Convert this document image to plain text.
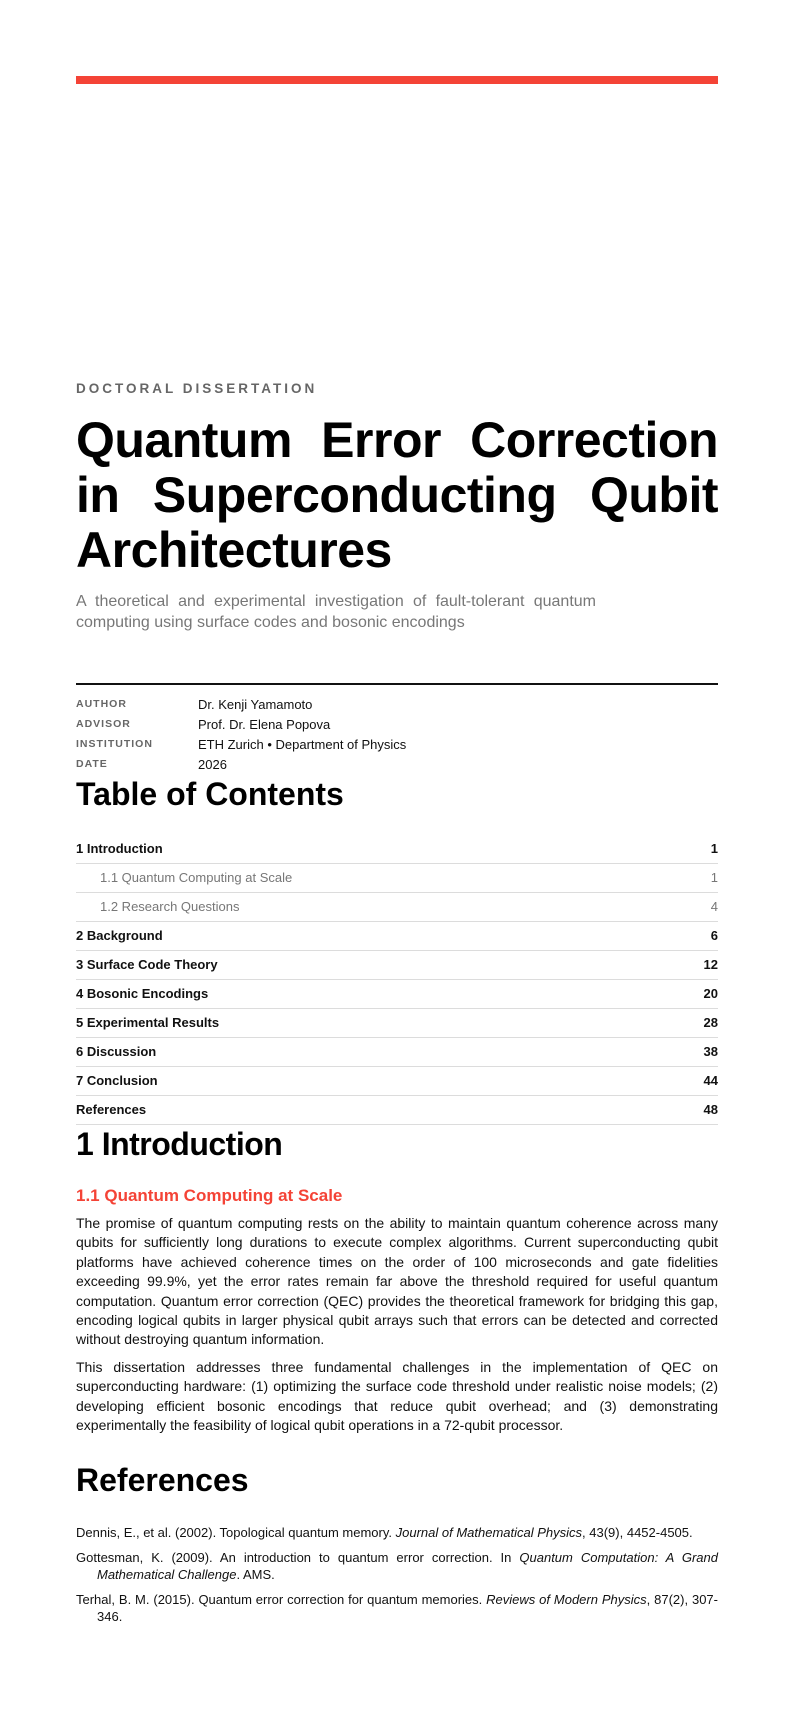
DOCTORAL DISSERTATION
Quantum Error Correction in Superconducting Qubit Architectures

A theoretical and experimental investigation of fault-tolerant quantum computing using surface codes and bosonic encodings

AUTHOR	Dr. Kenji Yamamoto
ADVISOR	Prof. Dr. Elena Popova
INSTITUTION	ETH Zurich • Department of Physics
DATE	2026
Table of Contents
1 Introduction	1
1.1 Quantum Computing at Scale	1
1.2 Research Questions	4
2 Background	6
3 Surface Code Theory	12
4 Bosonic Encodings	20
5 Experimental Results	28
6 Discussion	38
7 Conclusion	44
References	48
1 Introduction
1.1 Quantum Computing at Scale

The promise of quantum computing rests on the ability to maintain quantum coherence across many qubits for sufficiently long durations to execute complex algorithms. Current superconducting qubit platforms have achieved coherence times on the order of 100 microseconds and gate fidelities exceeding 99.9%, yet the error rates remain far above the threshold required for useful quantum computation. Quantum error correction (QEC) provides the theoretical framework for bridging this gap, encoding logical qubits in larger physical qubit arrays such that errors can be detected and corrected without destroying quantum information.

This dissertation addresses three fundamental challenges in the implementation of QEC on superconducting hardware: (1) optimizing the surface code threshold under realistic noise models; (2) developing efficient bosonic encodings that reduce qubit overhead; and (3) demonstrating experimentally the feasibility of logical qubit operations in a 72-qubit processor.

References

Dennis, E., et al. (2002). Topological quantum memory. Journal of Mathematical Physics, 43(9), 4452-4505.

Gottesman, K. (2009). An introduction to quantum error correction. In Quantum Computation: A Grand Mathematical Challenge. AMS.

Terhal, B. M. (2015). Quantum error correction for quantum memories. Reviews of Modern Physics, 87(2), 307-346.
